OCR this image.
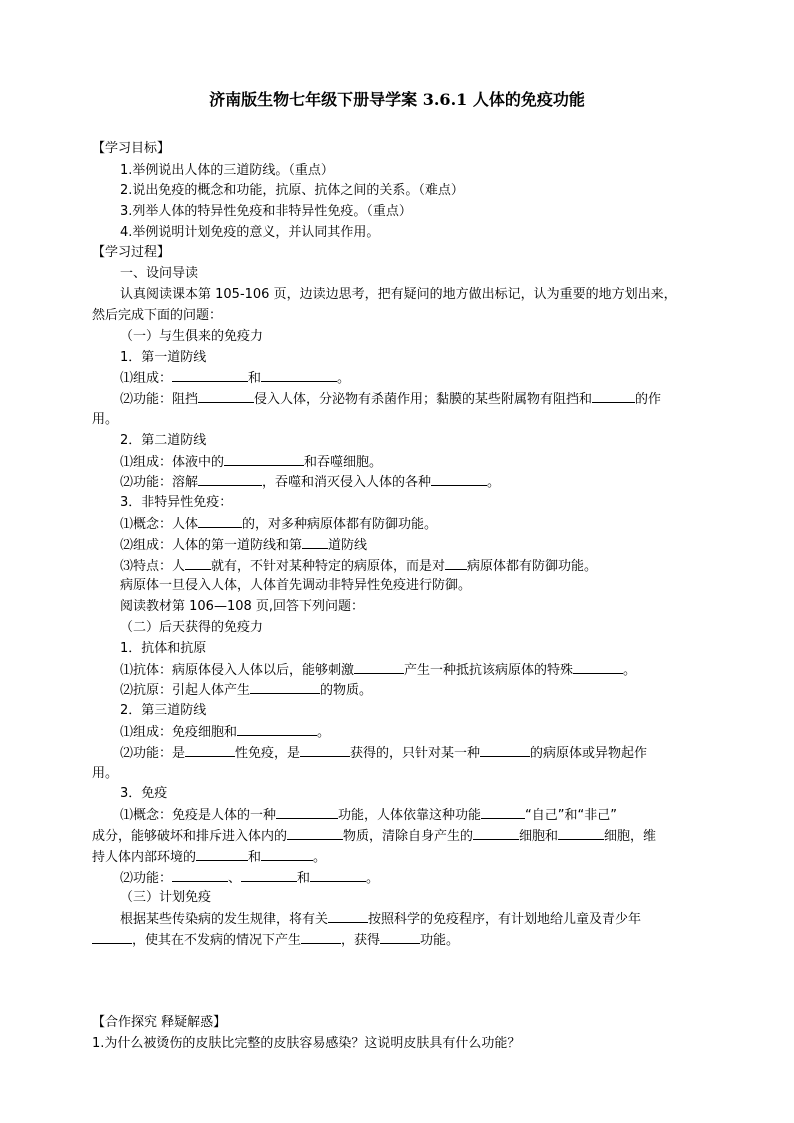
济南版生物七年级下册导学案 3.6.1 人体的免疫功能
【学习目标】
1.举例说出人体的三道防线。（重点）
2.说出免疫的概念和功能，抗原、抗体之间的关系。（难点）
3.列举人体的特异性免疫和非特异性免疫。（重点）
4.举例说明计划免疫的意义，并认同其作用。
【学习过程】
一、设问导读
认真阅读课本第 105-106 页，边读边思考，把有疑问的地方做出标记，认为重要的地方划出来，
然后完成下面的问题：
（一）与生俱来的免疫力
1．第一道防线
⑴组成：	和	。
⑵功能：阻挡	侵入人体，分泌物有杀菌作用；黏膜的某些附属物有阻挡和	的作
用。
2．第二道防线
⑴组成：体液中的	和吞噬细胞。
⑵功能：溶解	，吞噬和消灭侵入人体的各种	。
3．非特异性免疫：
⑴概念：人体	的，对多种病原体都有防御功能。
⑵组成：人体的第一道防线和第 道防线
⑶特点：人 就有，不针对某种特定的病原体，而是对 病原体都有防御功能。
病原体一旦侵入人体，人体首先调动非特异性免疫进行防御。
阅读教材第 106—108 页,回答下列问题：
（二）后天获得的免疫力
1．抗体和抗原
⑴抗体：病原体侵入人体以后，能够刺激	产生一种抵抗该病原体的特殊	。
⑵抗原：引起人体产生	的物质。
2．第三道防线
⑴组成：免疫细胞和	。
⑵功能：是	性免疫，是	获得的，只针对某一种	的病原体或异物起作
用。
3．免疫
⑴概念：免疫是人体的一种	功能，人体依靠这种功能	“自己”和“非己”
成分，能够破坏和排斥进入体内的	物质，清除自身产生的	细胞和	细胞，维
持人体内部环境的	和	。
⑵功能：	、	和	。
（三）计划免疫
根据某些传染病的发生规律，将有关	按照科学的免疫程序，有计划地给儿童及青少年
，使其在不发病的情况下产生	，获得	功能。
【合作探究 释疑解惑】
1.为什么被烫伤的皮肤比完整的皮肤容易感染？这说明皮肤具有什么功能？
